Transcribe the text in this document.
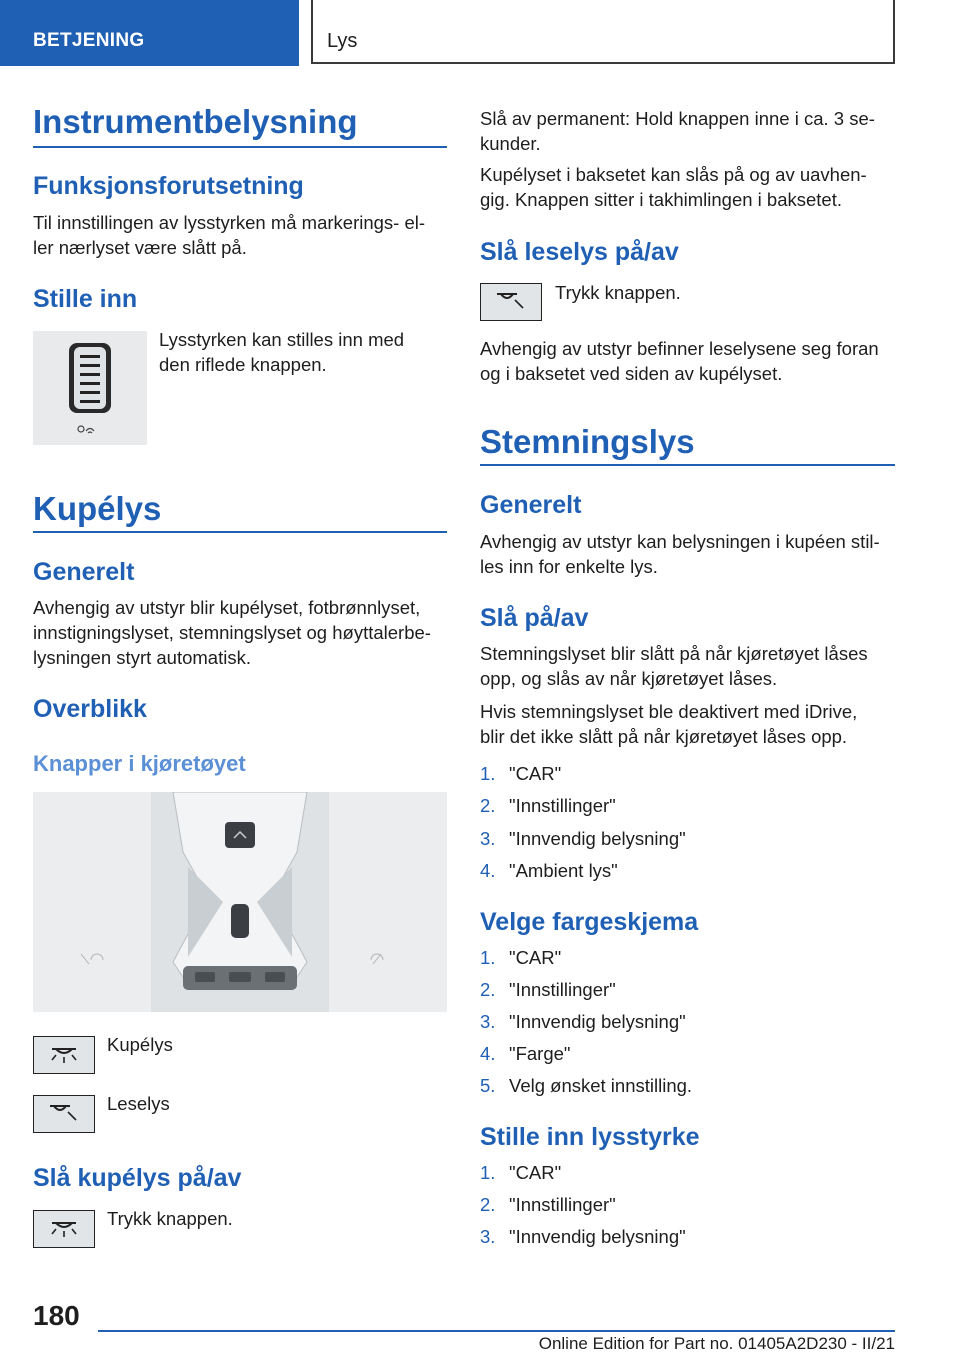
BETJENING	Lys
Instrumentbelysning
Funksjonsforutsetning

Til innstillingen av lysstyrken må markerings- el-

ler nærlyset være slått på.

Stille inn

Lysstyrken kan stilles inn med

den riflede knappen.

Kupélys
Generelt

Avhengig av utstyr blir kupélyset, fotbrønnlyset,

innstigningslyset, stemningslyset og høyttalerbe-

lysningen styrt automatisk.

Overblikk
Knapper i kjøretøyet

Kupélys

Leselys

Slå kupélys på/av

Trykk knappen.

Slå av permanent: Hold knappen inne i ca. 3 se-

kunder.

Kupélyset i baksetet kan slås på og av uavhen-

gig. Knappen sitter i takhimlingen i baksetet.

Slå leselys på/av

Trykk knappen.

Avhengig av utstyr befinner leselysene seg foran

og i baksetet ved siden av kupélyset.

Stemningslys
Generelt

Avhengig av utstyr kan belysningen i kupéen stil-

les inn for enkelte lys.

Slå på/av

Stemningslyset blir slått på når kjøretøyet låses

opp, og slås av når kjøretøyet låses.

Hvis stemningslyset ble deaktivert med iDrive,

blir det ikke slått på når kjøretøyet låses opp.

1. "CAR"
2. "Innstillinger"
3. "Innvendig belysning"
4. "Ambient lys"
Velge fargeskjema
1. "CAR"
2. "Innstillinger"
3. "Innvendig belysning"
4. "Farge"
5. Velg ønsket innstilling.
Stille inn lysstyrke
1. "CAR"
2. "Innstillinger"
3. "Innvendig belysning"
180
Online Edition for Part no. 01405A2D230 - II/21
